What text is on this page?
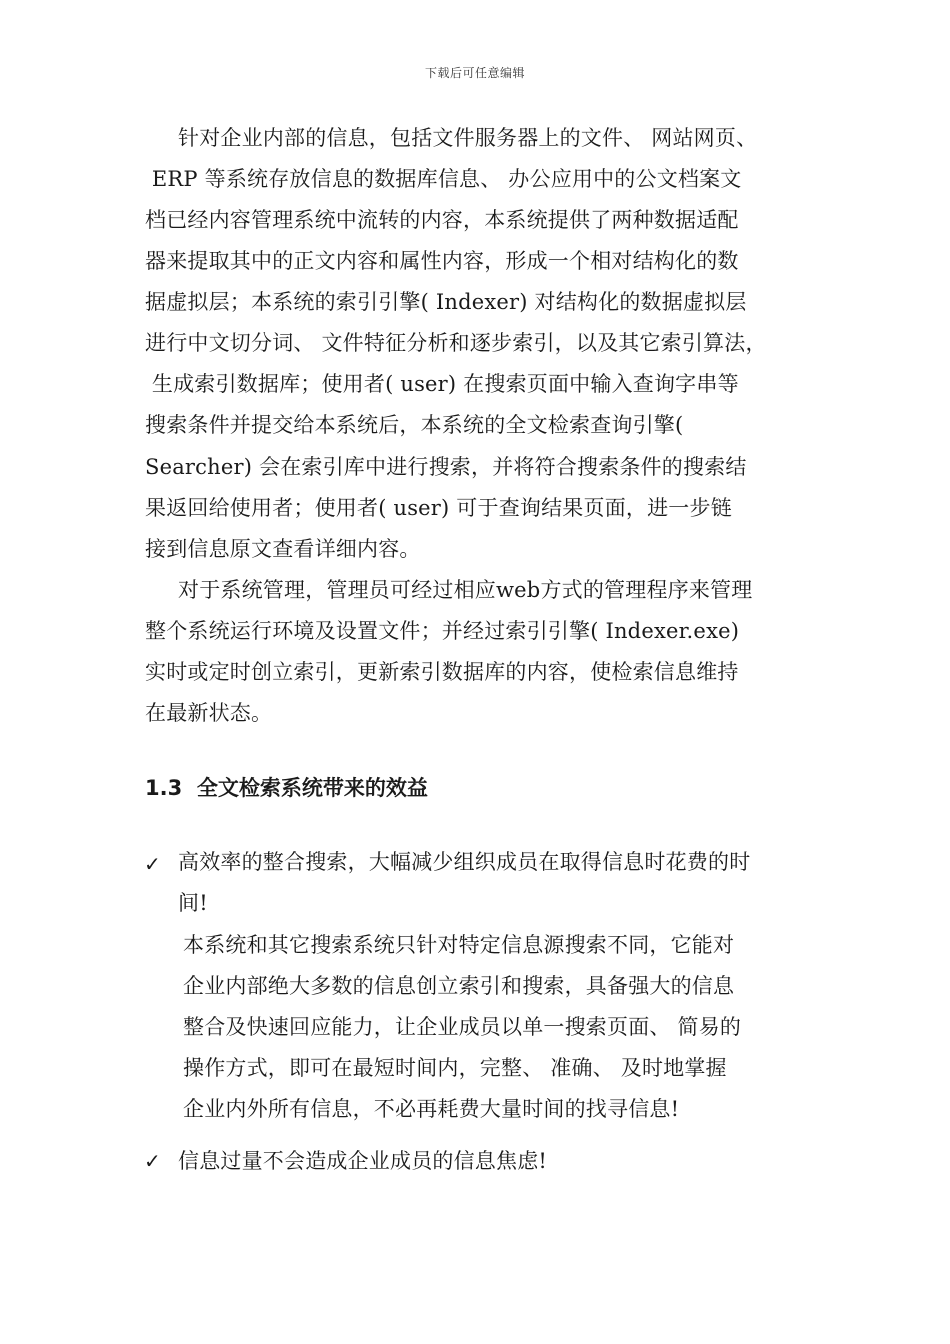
下载后可任意编辑
针对企业内部的信息，包括文件服务器上的文件、 网站网页、
ERP 等系统存放信息的数据库信息、 办公应用中的公文档案文
档已经内容管理系统中流转的内容，本系统提供了两种数据适配
器来提取其中的正文内容和属性内容，形成一个相对结构化的数
据虚拟层；本系统的索引引擎( Indexer) 对结构化的数据虚拟层
进行中文切分词、 文件特征分析和逐步索引，以及其它索引算法，
生成索引数据库；使用者( user) 在搜索页面中输入查询字串等
搜索条件并提交给本系统后，本系统的全文检索查询引擎(
Searcher) 会在索引库中进行搜索，并将符合搜索条件的搜索结
果返回给使用者；使用者( user) 可于查询结果页面，进一步链
接到信息原文查看详细内容。
对于系统管理，管理员可经过相应web方式的管理程序来管理
整个系统运行环境及设置文件；并经过索引引擎( Indexer.exe)
实时或定时创立索引，更新索引数据库的内容，使检索信息维持
在最新状态。
1.3 全文检索系统带来的效益
✓ 高效率的整合搜索，大幅减少组织成员在取得信息时花费的时
间!
本系统和其它搜索系统只针对特定信息源搜索不同，它能对
企业内部绝大多数的信息创立索引和搜索，具备强大的信息
整合及快速回应能力，让企业成员以单一搜索页面、 简易的
操作方式，即可在最短时间内，完整、 准确、 及时地掌握
企业内外所有信息，不必再耗费大量时间的找寻信息!
✓ 信息过量不会造成企业成员的信息焦虑!
